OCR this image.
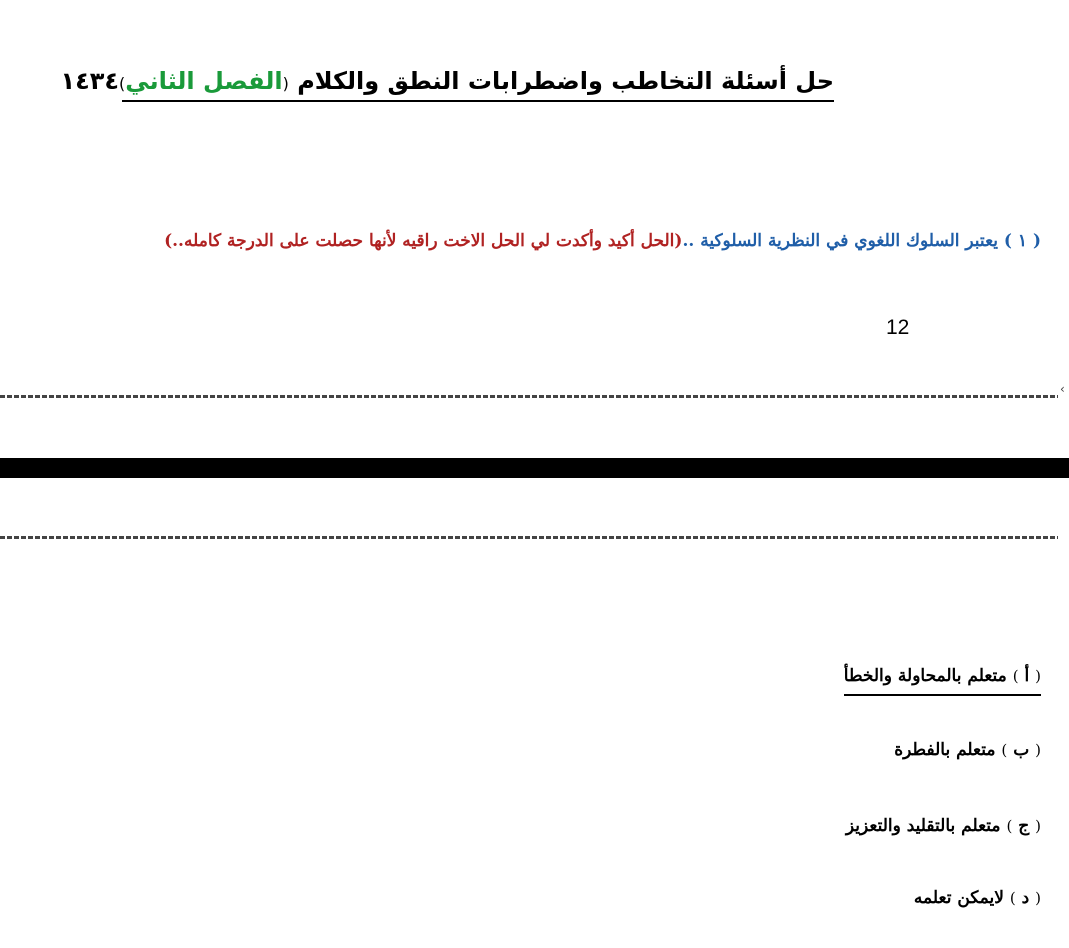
حل أسئلة التخاطب واضطرابات النطق والكلام (الفصل الثاني)١٤٣٤
( ١ ) يعتبر السلوك اللغوي في النظرية السلوكية ..(الحل أكيد وأكدت لي الحل الاخت راقيه لأنها حصلت على الدرجة كامله..)
12
‹
( أ ) متعلم بالمحاولة والخطأ
( ب ) متعلم بالفطرة
( ج ) متعلم بالتقليد والتعزيز
( د ) لايمكن تعلمه
